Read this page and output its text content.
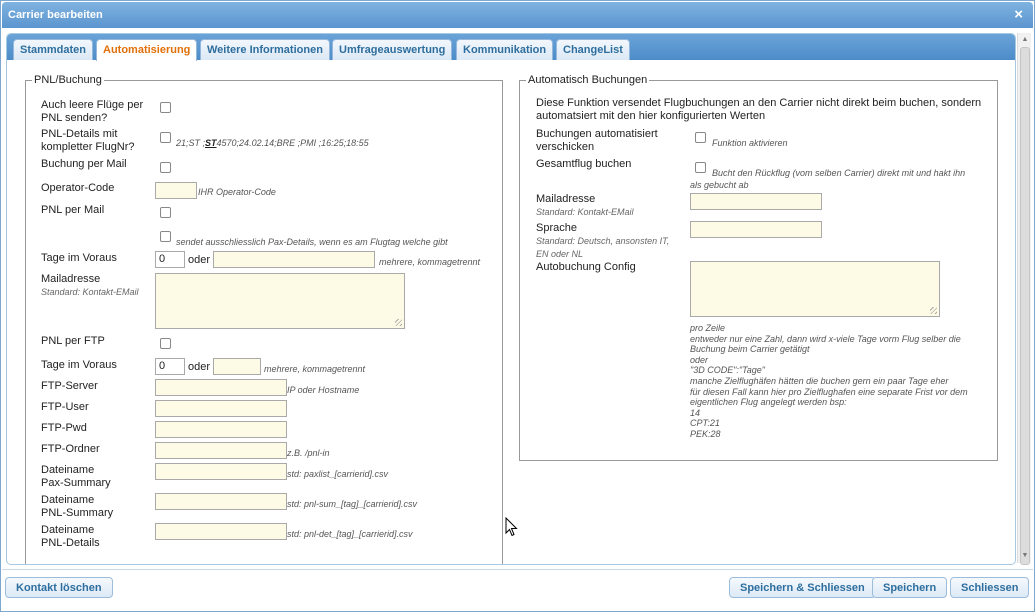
Carrier bearbeiten	×
Stammdaten	Automatisierung	Weitere Informationen	Umfrageauswertung	Kommunikation	ChangeList
PNL/Buchung
Auch leere Flüge per
PNL senden?
PNL-Details mit
kompletter FlugNr?	21;ST ;ST4570;24.02.14;BRE ;PMI ;16:25;18:55
Buchung per Mail
Operator-Code	IHR Operator-Code
PNL per Mail
sendet ausschliesslich Pax-Details, wenn es am Flugtag welche gibt
Tage im Voraus	0	oder	mehrere, kommagetrennt
Mailadresse
Standard: Kontakt-EMail
PNL per FTP
Tage im Voraus	0	oder	mehrere, kommagetrennt
FTP-Server	IP oder Hostname
FTP-User
FTP-Pwd
FTP-Ordner	z.B. /pnl-in
Dateiname
Pax-Summary
std: paxlist_[carrierid].csv
Dateiname
PNL-Summary
std: pnl-sum_[tag]_[carrierid].csv
Dateiname
PNL-Details
std: pnl-det_[tag]_[carrierid].csv
Automatisch Buchungen
Diese Funktion versendet Flugbuchungen an den Carrier nicht direkt beim buchen, sondern
automatsiert mit den hier konfigurierten Werten
Buchungen automatisiert
verschicken	Funktion aktivieren
Gesamtflug buchen
Bucht den Rückflug (vom selben Carrier) direkt mit und hakt ihn
als gebucht ab
Mailadresse
Standard: Kontakt-EMail
Sprache
Standard: Deutsch, ansonsten IT,
EN oder NL
Autobuchung Config
pro Zeile
entweder nur eine Zahl, dann wird x-viele Tage vorm Flug selber die
Buchung beim Carrier getätigt
oder
"3D CODE":"Tage"
manche Zielflughäfen hätten die buchen gern ein paar Tage eher
für diesen Fall kann hier pro Zielflughafen eine separate Frist vor dem
eigentlichen Flug angelegt werden bsp:
14
CPT:21
PEK:28
▲
▼
Kontakt löschen	Speichern & Schliessen	Speichern	Schliessen
